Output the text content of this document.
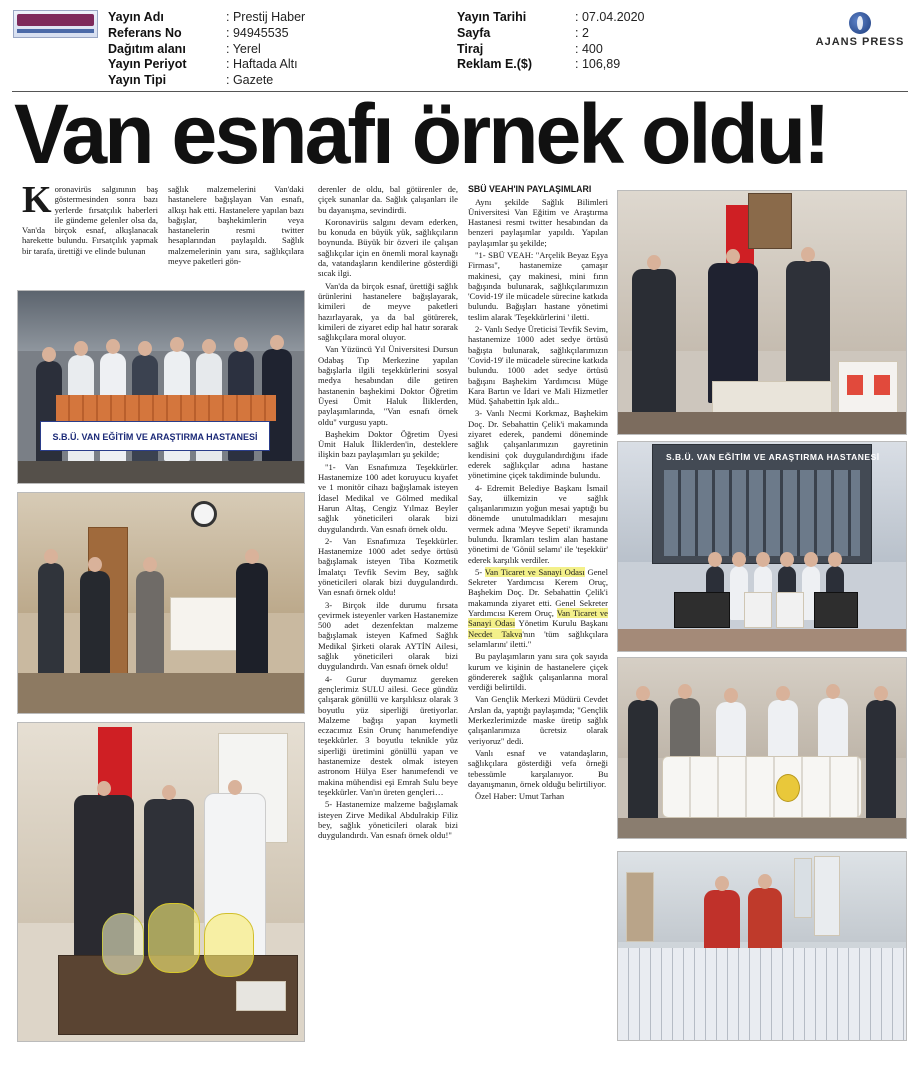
Yayın Adı	: Prestij Haber
Referans No	: 94945535
Dağıtım alanı	: Yerel
Yayın Periyot	: Haftada Altı
Yayın Tipi	: Gazete
Yayın Tarihi	: 07.04.2020
Sayfa	: 2
Tiraj	: 400
Reklam E.($)	: 106,89
AJANS PRESS
Van esnafı örnek oldu!

Koronavirüs salgınının baş göstermesinden sonra bazı yerlerde fırsatçılık haberleri ile gündeme gelenler olsa da, Van'da birçok esnaf, alkışlanacak harekette bulundu. Fırsatçılık yapmak bir tarafa, ürettiği ve elinde bulunan

sağlık malzemelerini Van'daki hastanelere bağışlayan Van esnafı, alkışı hak etti. Hastanelere yapılan bazı bağışlar, başhekimlerin veya hastanelerin resmi twitter hesaplarından paylaşıldı. Sağlık malzemelerinin yanı sıra, sağlıkçılara meyve paketleri gön-

derenler de oldu, bal götürenler de, çiçek sunanlar da. Sağlık çalışanları ile bu dayanışma, sevindirdi.

Koronavirüs salgını devam ederken, bu konuda en büyük yük, sağlıkçıların boynunda. Büyük bir özveri ile çalışan sağlıkçılar için en önemli moral kaynağı da, vatandaşların kendilerine gösterdiği sıcak ilgi.

Van'da da birçok esnaf, ürettiği sağlık ürünlerini hastanelere bağışlayarak, kimileri de meyve paketleri hazırlayarak, ya da bal götürerek, kimileri de ziyaret edip hal hatır sorarak sağlıkçılara moral oluyor.

Van Yüzüncü Yıl Üniversitesi Dursun Odabaş Tıp Merkezine yapılan bağışlarla ilgili teşekkürlerini sosyal medya hesabından dile getiren hastanenin başhekimi Doktor Öğretim Üyesi Ümit Haluk İliklerden, paylaşımlarında, "Van esnafı örnek oldu" vurgusu yaptı.

Başhekim Doktor Öğretim Üyesi Ümit Haluk İliklerden'in, desteklere ilişkin bazı paylaşımları şu şekilde;

"1- Van Esnafımıza Teşekkürler. Hastanemize 100 adet koruyucu kıyafet ve 1 monitör cihazı bağışlamak isteyen İdasel Medikal ve Gölmed medikal Harun Altaş, Cengiz Yılmaz Beyler sağlık yöneticileri olarak bizi duygulandırdı. Van esnafı örnek oldu.

2- Van Esnafımıza Teşekkürler. Hastanemize 1000 adet sedye örtüsü bağışlamak isteyen Tiba Kozmetik İmalatçı Tevfik Sevim Bey, sağlık yöneticileri olarak bizi duygulandırdı. Van esnafı örnek oldu!

3- Birçok ilde durumu fırsata çevirmek isteyenler varken Hastanemize 500 adet dezenfektan malzeme bağışlamak isteyen Kafmed Sağlık Medikal Şirketi olarak AYTİN Ailesi, sağlık yöneticileri olarak bizi duygulandırdı. Van esnafı örnek oldu!

4- Gurur duymamız gereken gençlerimiz SULU ailesi. Gece gündüz çalışarak gönüllü ve karşılıksız olarak 3 boyutlu yüz siperliği üretiyorlar. Malzeme bağışı yapan kıymetli eczacımız Esin Orunç hanımefendiye teşekkürler. 3 boyutlu teknikle yüz siperliği üretimini gönüllü yapan ve hastanemize destek olmak isteyen astronom Hülya Eser hanımefendi ve makina mühendisi eşi Emrah Sulu beye teşekkürler. Van'ın üreten gençleri…

5- Hastanemize malzeme bağışlamak isteyen Zirve Medikal Abdulrakip Filiz bey, sağlık yöneticileri olarak bizi duygulandırdı. Van esnafı örnek oldu!"

SBÜ VEAH'IN PAYLAŞIMLARI

Aynı şekilde Sağlık Bilimleri Üniversitesi Van Eğitim ve Araştırma Hastanesi resmi twitter hesabından da benzeri paylaşımlar yapıldı. Yapılan paylaşımlar şu şekilde;

"1- SBÜ VEAH: "Arçelik Beyaz Eşya Firması", hastanemize çamaşır makinesi, çay makinesi, mini fırın bağışında bulunarak, sağlıkçılarımızın 'Covid-19' ile mücadele sürecine katkıda bulundu. Bağışları hastane yönetimi teslim alarak 'Teşekkürlerini ' iletti.

2- Vanlı Sedye Üreticisi Tevfik Sevim, hastanemize 1000 adet sedye örtüsü bağışta bulunarak, sağlıkçılarımızın 'Covid-19' ile mücadele sürecine katkıda bulundu. 1000 adet sedye örtüsü bağışını Başhekim Yardımcısı Müge Kara Bartın ve İdari ve Mali Hizmetler Müd. Şahabettin Işık aldı..

3- Vanlı Necmi Korkmaz, Başhekim Doç. Dr. Sebahattin Çelik'i makamında ziyaret ederek, pandemi döneminde sağlık çalışanlarımızın gayretinin kendisini çok duygulandırdığını ifade ederek sağlıkçılar adına hastane yönetimine çiçek takdiminde bulundu.

4- Edremit Belediye Başkanı İsmail Say, ülkemizin ve sağlık çalışanlarımızın yoğun mesai yaptığı bu dönemde unutulmadıkları mesajını vermek adına 'Meyve Sepeti' ikramında bulundu. İkramları teslim alan hastane yönetimi de 'Gönül selamı' ile 'teşekkür' ederek karşılık verdiler.

5- Van Ticaret ve Sanayi Odası Genel Sekreter Yardımcısı Kerem Oruç, Başhekim Doç. Dr. Sebahattin Çelik'i makamında ziyaret etti. Genel Sekreter Yardımcısı Kerem Oruç, Van Ticaret ve Sanayi Odası Yönetim Kurulu Başkanı Necdet Takva'nın 'tüm sağlıkçılara selamlarını' iletti."

Bu paylaşımların yanı sıra çok sayıda kurum ve kişinin de hastanelere çiçek göndererek sağlık çalışanlarına moral verdiği belirtildi.

Van Gençlik Merkezi Müdürü Cevdet Arslan da, yaptığı paylaşımda; "Gençlik Merkezlerimizde maske üretip sağlık çalışanlarımıza ücretsiz olarak veriyoruz" dedi.

Vanlı esnaf ve vatandaşların, sağlıkçılara gösterdiği vefa örneği tebessümle karşılanıyor. Bu dayanışmanın, örnek olduğu belirtiliyor.

Özel Haber: Umut Tarhan

S.B.Ü. VAN EĞİTİM VE ARAŞTIRMA HASTANESİ
S.B.Ü. VAN EĞİTİM VE ARAŞTIRMA HASTANESİ
